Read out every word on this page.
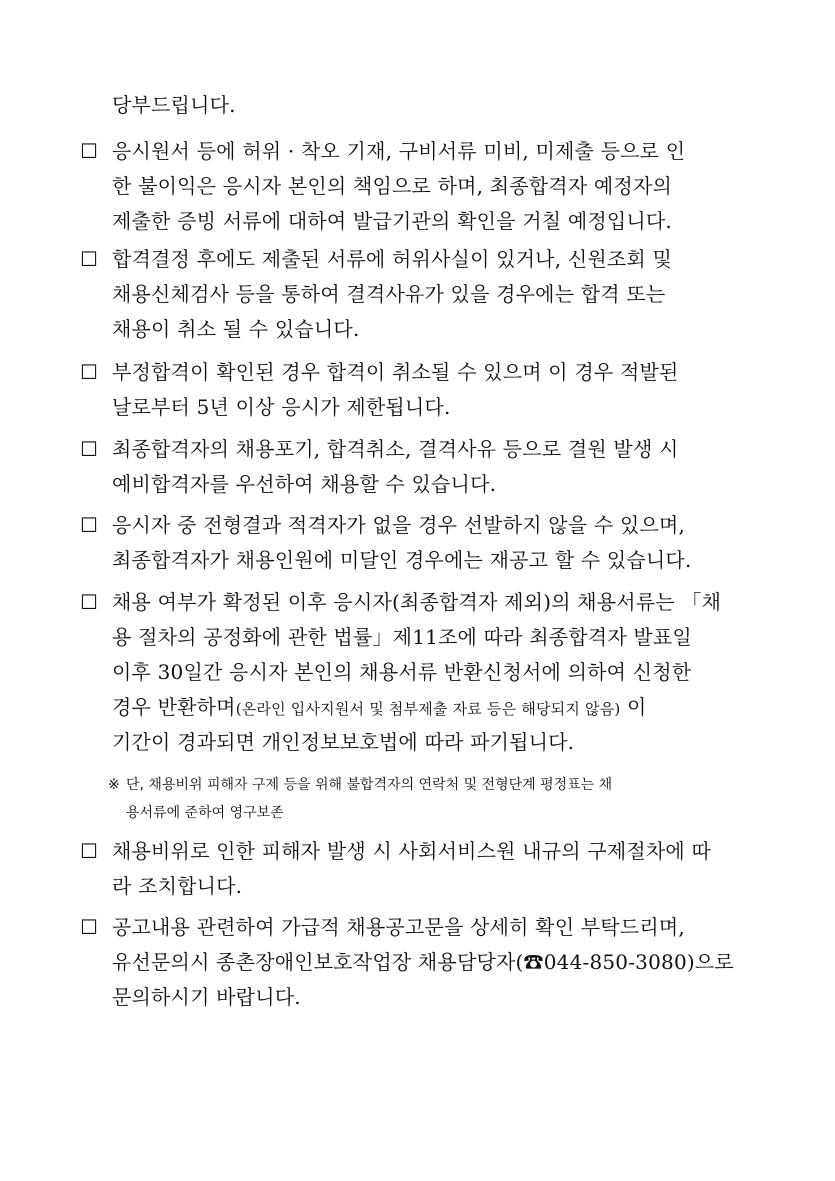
당부드립니다.
☐ 응시원서 등에 허위 · 착오 기재, 구비서류 미비, 미제출 등으로 인
한 불이익은 응시자 본인의 책임으로 하며, 최종합격자 예정자의
제출한 증빙 서류에 대하여 발급기관의 확인을 거칠 예정입니다.
☐ 합격결정 후에도 제출된 서류에 허위사실이 있거나, 신원조회 및
채용신체검사 등을 통하여 결격사유가 있을 경우에는 합격 또는
채용이 취소 될 수 있습니다.
☐ 부정합격이 확인된 경우 합격이 취소될 수 있으며 이 경우 적발된
날로부터 5년 이상 응시가 제한됩니다.
☐ 최종합격자의 채용포기, 합격취소, 결격사유 등으로 결원 발생 시
예비합격자를 우선하여 채용할 수 있습니다.
☐ 응시자 중 전형결과 적격자가 없을 경우 선발하지 않을 수 있으며,
최종합격자가 채용인원에 미달인 경우에는 재공고 할 수 있습니다.
☐ 채용 여부가 확정된 이후 응시자(최종합격자 제외)의 채용서류는 「채
용 절차의 공정화에 관한 법률」제11조에 따라 최종합격자 발표일
이후 30일간 응시자 본인의 채용서류 반환신청서에 의하여 신청한
경우 반환하며(온라인 입사지원서 및 첨부제출 자료 등은 해당되지 않음) 이
기간이 경과되면 개인정보보호법에 따라 파기됩니다.
※ 단, 채용비위 피해자 구제 등을 위해 불합격자의 연락처 및 전형단계 평정표는 채
용서류에 준하여 영구보존
☐ 채용비위로 인한 피해자 발생 시 사회서비스원 내규의 구제절차에 따
라 조치합니다.
☐ 공고내용 관련하여 가급적 채용공고문을 상세히 확인 부탁드리며,
유선문의시 종촌장애인보호작업장 채용담당자(☎044-850-3080)으로
문의하시기 바랍니다.
